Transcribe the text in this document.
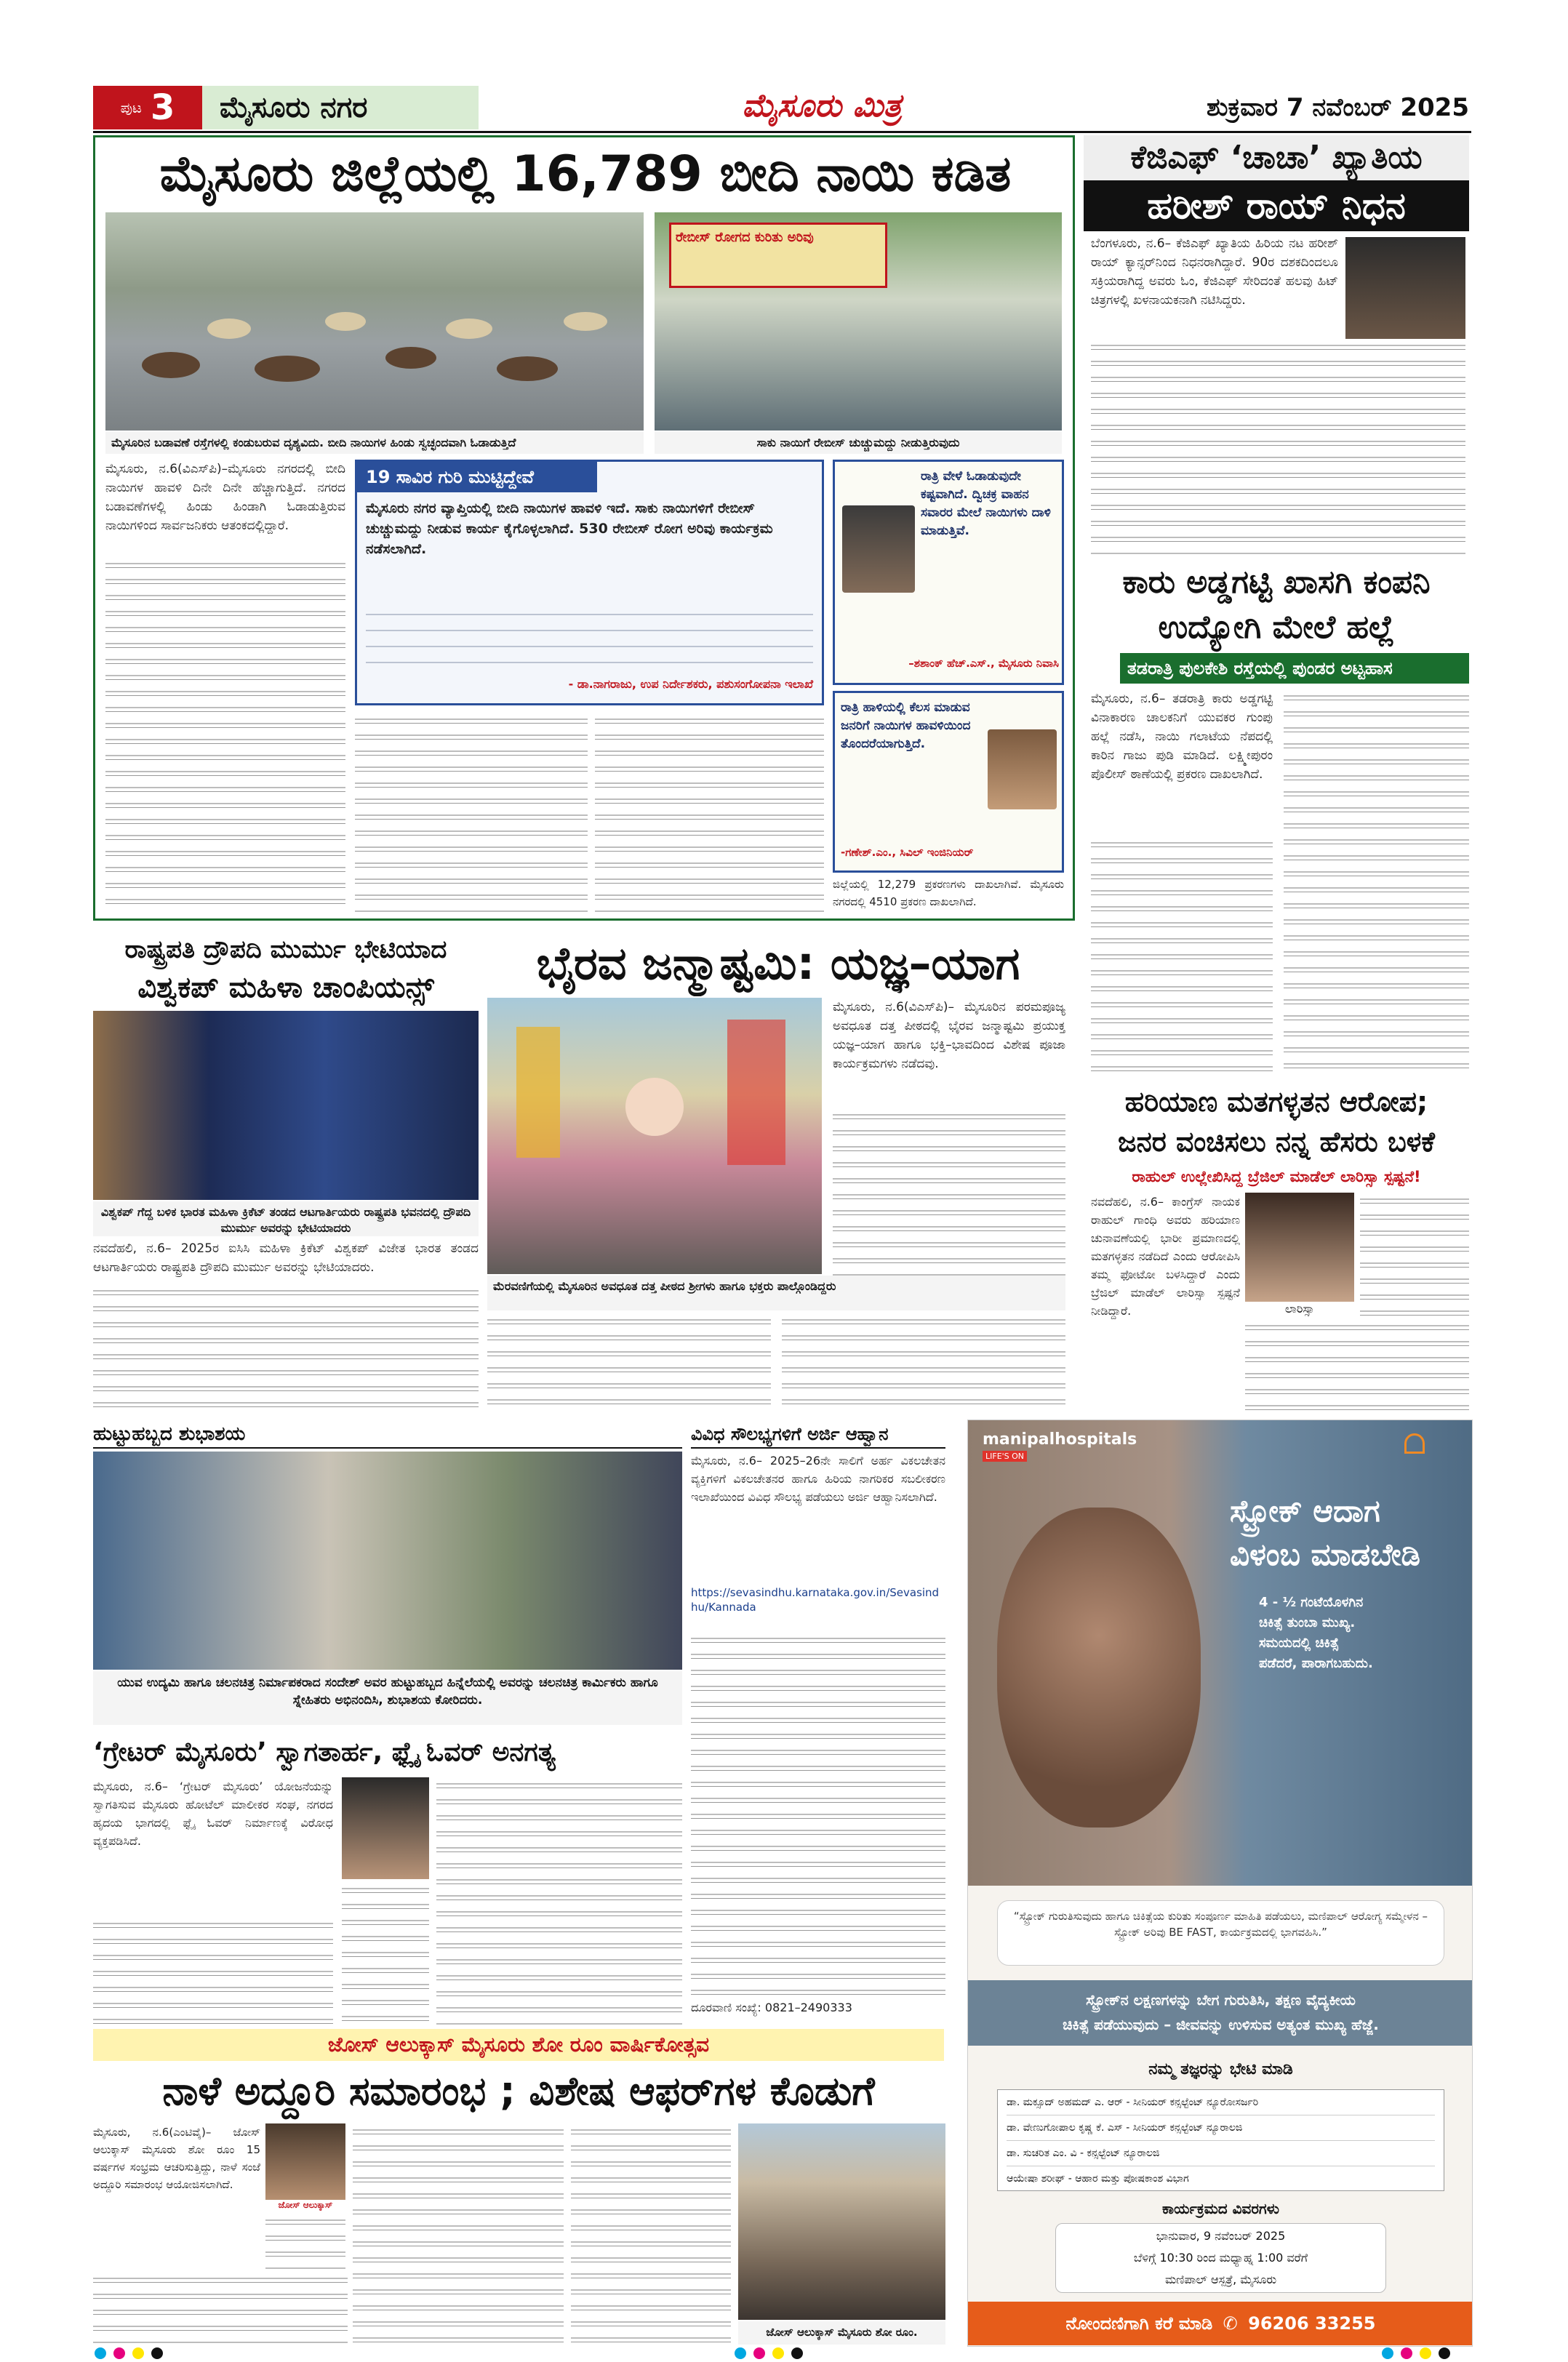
ಪುಟ 3	ಮೈಸೂರು ನಗರ	ಮೈಸೂರು ಮಿತ್ರ	ಶುಕ್ರವಾರ 7 ನವೆಂಬರ್ 2025
ಮೈಸೂರು ಜಿಲ್ಲೆಯಲ್ಲಿ 16,789 ಬೀದಿ ನಾಯಿ ಕಡಿತ
ರೇಬೀಸ್ ರೋಗದ ಕುರಿತು ಅರಿವು
ಮೈಸೂರಿನ ಬಡಾವಣೆ ರಸ್ತೆಗಳಲ್ಲಿ ಕಂಡುಬರುವ ದೃಶ್ಯವಿದು. ಬೀದಿ ನಾಯಿಗಳ ಹಿಂಡು ಸ್ವಚ್ಛಂದವಾಗಿ ಓಡಾಡುತ್ತಿದೆ	ಸಾಕು ನಾಯಿಗೆ ರೇಬೀಸ್ ಚುಚ್ಚುಮದ್ದು ನೀಡುತ್ತಿರುವುದು
ಮೈಸೂರು, ನ.6(ವಿಎಸ್‌ಪಿ)–ಮೈಸೂರು ನಗರದಲ್ಲಿ ಬೀದಿ ನಾಯಿಗಳ ಹಾವಳಿ ದಿನೇ ದಿನೇ ಹೆಚ್ಚಾಗುತ್ತಿದೆ. ನಗರದ ಬಡಾವಣೆಗಳಲ್ಲಿ ಹಿಂಡು ಹಿಂಡಾಗಿ ಓಡಾಡುತ್ತಿರುವ ನಾಯಿಗಳಿಂದ ಸಾರ್ವಜನಿಕರು ಆತಂಕದಲ್ಲಿದ್ದಾರೆ.
19 ಸಾವಿರ ಗುರಿ ಮುಟ್ಟಿದ್ದೇವೆ
ಮೈಸೂರು ನಗರ ವ್ಯಾಪ್ತಿಯಲ್ಲಿ ಬೀದಿ ನಾಯಿಗಳ ಹಾವಳಿ ಇದೆ. ಸಾಕು ನಾಯಿಗಳಿಗೆ ರೇಬೀಸ್ ಚುಚ್ಚುಮದ್ದು ನೀಡುವ ಕಾರ್ಯ ಕೈಗೊಳ್ಳಲಾಗಿದೆ. 530 ರೇಬೀಸ್ ರೋಗ ಅರಿವು ಕಾರ್ಯಕ್ರಮ ನಡೆಸಲಾಗಿದೆ.
- ಡಾ.ನಾಗರಾಜು, ಉಪ ನಿರ್ದೇಶಕರು, ಪಶುಸಂಗೋಪನಾ ಇಲಾಖೆ
ರಾತ್ರಿ ವೇಳೆ ಓಡಾಡುವುದೇ ಕಷ್ಟವಾಗಿದೆ. ದ್ವಿಚಕ್ರ ವಾಹನ ಸವಾರರ ಮೇಲೆ ನಾಯಿಗಳು ದಾಳಿ ಮಾಡುತ್ತಿವೆ.
–ಶಶಾಂಕ್ ಹೆಚ್.ಎಸ್., ಮೈಸೂರು ನಿವಾಸಿ
ರಾತ್ರಿ ಹಾಳಿಯಲ್ಲಿ ಕೆಲಸ ಮಾಡುವ ಜನರಿಗೆ ನಾಯಿಗಳ ಹಾವಳಿಯಿಂದ ತೊಂದರೆಯಾಗುತ್ತಿದೆ.
-ಗಣೇಶ್.ಎಂ., ಸಿವಿಲ್ ಇಂಜಿನಿಯರ್
ಜಿಲ್ಲೆಯಲ್ಲಿ 12,279 ಪ್ರಕರಣಗಳು ದಾಖಲಾಗಿವೆ. ಮೈಸೂರು ನಗರದಲ್ಲಿ 4510 ಪ್ರಕರಣ ದಾಖಲಾಗಿದೆ.
ಕೆಜಿಎಫ್ ‘ಚಾಚಾ’ ಖ್ಯಾತಿಯ
ಹರೀಶ್ ರಾಯ್ ನಿಧನ
ಬೆಂಗಳೂರು, ನ.6– ಕೆಜಿಎಫ್ ಖ್ಯಾತಿಯ ಹಿರಿಯ ನಟ ಹರೀಶ್ ರಾಯ್ ಕ್ಯಾನ್ಸರ್‌ನಿಂದ ನಿಧನರಾಗಿದ್ದಾರೆ. 90ರ ದಶಕದಿಂದಲೂ ಸಕ್ರಿಯರಾಗಿದ್ದ ಅವರು ಓಂ, ಕೆಜಿಎಫ್ ಸೇರಿದಂತೆ ಹಲವು ಹಿಟ್ ಚಿತ್ರಗಳಲ್ಲಿ ಖಳನಾಯಕನಾಗಿ ನಟಿಸಿದ್ದರು.
ಕಾರು ಅಡ್ಡಗಟ್ಟಿ ಖಾಸಗಿ ಕಂಪನಿ ಉದ್ಯೋಗಿ ಮೇಲೆ ಹಲ್ಲೆ
ತಡರಾತ್ರಿ ಪುಲಕೇಶಿ ರಸ್ತೆಯಲ್ಲಿ ಪುಂಡರ ಅಟ್ಟಹಾಸ
ಮೈಸೂರು, ನ.6– ತಡರಾತ್ರಿ ಕಾರು ಅಡ್ಡಗಟ್ಟಿ ವಿನಾಕಾರಣ ಚಾಲಕನಿಗೆ ಯುವಕರ ಗುಂಪು ಹಲ್ಲೆ ನಡೆಸಿ, ನಾಯಿ ಗಲಾಟೆಯ ನೆಪದಲ್ಲಿ ಕಾರಿನ ಗಾಜು ಪುಡಿ ಮಾಡಿದೆ. ಲಕ್ಷ್ಮೀಪುರಂ ಪೊಲೀಸ್ ಠಾಣೆಯಲ್ಲಿ ಪ್ರಕರಣ ದಾಖಲಾಗಿದೆ.
ರಾಷ್ಟ್ರಪತಿ ದ್ರೌಪದಿ ಮುರ್ಮು ಭೇಟಿಯಾದ
ವಿಶ್ವಕಪ್ ಮಹಿಳಾ ಚಾಂಪಿಯನ್ಸ್
ವಿಶ್ವಕಪ್ ಗೆದ್ದ ಬಳಿಕ ಭಾರತ ಮಹಿಳಾ ಕ್ರಿಕೆಟ್ ತಂಡದ ಆಟಗಾರ್ತಿಯರು ರಾಷ್ಟ್ರಪತಿ ಭವನದಲ್ಲಿ ದ್ರೌಪದಿ ಮುರ್ಮು ಅವರನ್ನು ಭೇಟಿಯಾದರು
ನವದೆಹಲಿ, ನ.6– 2025ರ ಐಸಿಸಿ ಮಹಿಳಾ ಕ್ರಿಕೆಟ್ ವಿಶ್ವಕಪ್ ವಿಜೇತ ಭಾರತ ತಂಡದ ಆಟಗಾರ್ತಿಯರು ರಾಷ್ಟ್ರಪತಿ ದ್ರೌಪದಿ ಮುರ್ಮು ಅವರನ್ನು ಭೇಟಿಯಾದರು.
ಭೈರವ ಜನ್ಮಾಷ್ಟಮಿ: ಯಜ್ಞ–ಯಾಗ
ಮೈಸೂರು, ನ.6(ವಿಎಸ್‌ಪಿ)– ಮೈಸೂರಿನ ಪರಮಪೂಜ್ಯ ಅವಧೂತ ದತ್ತ ಪೀಠದಲ್ಲಿ ಭೈರವ ಜನ್ಮಾಷ್ಟಮಿ ಪ್ರಯುಕ್ತ ಯಜ್ಞ–ಯಾಗ ಹಾಗೂ ಭಕ್ತಿ–ಭಾವದಿಂದ ವಿಶೇಷ ಪೂಜಾ ಕಾರ್ಯಕ್ರಮಗಳು ನಡೆದವು.
ಮೆರವಣಿಗೆಯಲ್ಲಿ ಮೈಸೂರಿನ ಅವಧೂತ ದತ್ತ ಪೀಠದ ಶ್ರೀಗಳು ಹಾಗೂ ಭಕ್ತರು ಪಾಲ್ಗೊಂಡಿದ್ದರು
ಹರಿಯಾಣ ಮತಗಳ್ಳತನ ಆರೋಪ;
ಜನರ ವಂಚಿಸಲು ನನ್ನ ಹೆಸರು ಬಳಕೆ
ರಾಹುಲ್ ಉಲ್ಲೇಖಿಸಿದ್ದ ಬ್ರೆಜಿಲ್ ಮಾಡೆಲ್ ಲಾರಿಸ್ಸಾ ಸ್ಪಷ್ಟನೆ!
ನವದೆಹಲಿ, ನ.6– ಕಾಂಗ್ರೆಸ್ ನಾಯಕ ರಾಹುಲ್ ಗಾಂಧಿ ಅವರು ಹರಿಯಾಣ ಚುನಾವಣೆಯಲ್ಲಿ ಭಾರೀ ಪ್ರಮಾಣದಲ್ಲಿ ಮತಗಳ್ಳತನ ನಡೆದಿದೆ ಎಂದು ಆರೋಪಿಸಿ ತಮ್ಮ ಫೋಟೋ ಬಳಸಿದ್ದಾರೆ ಎಂದು ಬ್ರೆಜಿಲ್ ಮಾಡೆಲ್ ಲಾರಿಸ್ಸಾ ಸ್ಪಷ್ಟನೆ ನೀಡಿದ್ದಾರೆ.	ಲಾರಿಸ್ಸಾ
ಹುಟ್ಟುಹಬ್ಬದ ಶುಭಾಶಯ
ಯುವ ಉದ್ಯಮಿ ಹಾಗೂ ಚಲನಚಿತ್ರ ನಿರ್ಮಾಪಕರಾದ ಸಂದೇಶ್ ಅವರ ಹುಟ್ಟುಹಬ್ಬದ ಹಿನ್ನೆಲೆಯಲ್ಲಿ ಅವರನ್ನು ಚಲನಚಿತ್ರ ಕಾರ್ಮಿಕರು ಹಾಗೂ ಸ್ನೇಹಿತರು ಅಭಿನಂದಿಸಿ, ಶುಭಾಶಯ ಕೋರಿದರು.
ವಿವಿಧ ಸೌಲಭ್ಯಗಳಿಗೆ ಅರ್ಜಿ ಆಹ್ವಾನ
ಮೈಸೂರು, ನ.6– 2025–26ನೇ ಸಾಲಿಗೆ ಅರ್ಹ ವಿಕಲಚೇತನ ವ್ಯಕ್ತಿಗಳಿಗೆ ವಿಕಲಚೇತನರ ಹಾಗೂ ಹಿರಿಯ ನಾಗರಿಕರ ಸಬಲೀಕರಣ ಇಲಾಖೆಯಿಂದ ವಿವಿಧ ಸೌಲಭ್ಯ ಪಡೆಯಲು ಅರ್ಜಿ ಆಹ್ವಾನಿಸಲಾಗಿದೆ.
https://sevasindhu.karnataka.gov.in/Sevasindhu/Kannada
ದೂರವಾಣಿ ಸಂಖ್ಯೆ: 0821–2490333
‘ಗ್ರೇಟರ್ ಮೈಸೂರು’ ಸ್ವಾಗತಾರ್ಹ, ಫ್ಲೈ ಓವರ್ ಅನಗತ್ಯ
ಮೈಸೂರು, ನ.6– ‘ಗ್ರೇಟರ್ ಮೈಸೂರು’ ಯೋಜನೆಯನ್ನು ಸ್ವಾಗತಿಸುವ ಮೈಸೂರು ಹೋಟೆಲ್ ಮಾಲೀಕರ ಸಂಘ, ನಗರದ ಹೃದಯ ಭಾಗದಲ್ಲಿ ಫ್ಲೈ ಓವರ್ ನಿರ್ಮಾಣಕ್ಕೆ ವಿರೋಧ ವ್ಯಕ್ತಪಡಿಸಿದೆ.
ಜೋಸ್ ಆಲುಕ್ಕಾಸ್ ಮೈಸೂರು ಶೋ ರೂಂ ವಾರ್ಷಿಕೋತ್ಸವ
ನಾಳೆ ಅದ್ದೂರಿ ಸಮಾರಂಭ ; ವಿಶೇಷ ಆಫರ್‌ಗಳ ಕೊಡುಗೆ
ಮೈಸೂರು, ನ.6(ಎಂಟಿವೈ)– ಜೋಸ್ ಆಲುಕ್ಕಾಸ್ ಮೈಸೂರು ಶೋ ರೂಂ 15 ವರ್ಷಗಳ ಸಂಭ್ರಮ ಆಚರಿಸುತ್ತಿದ್ದು, ನಾಳೆ ಸಂಜೆ ಅದ್ದೂರಿ ಸಮಾರಂಭ ಆಯೋಜಿಸಲಾಗಿದೆ.
ಜೋಸ್ ಆಲುಕ್ಕಾಸ್
ಜೋಸ್ ಆಲುಕ್ಕಾಸ್ ಮೈಸೂರು ಶೋ ರೂಂ.
manipalhospitals
LIFE'S ON
ಸ್ಟ್ರೋಕ್ ಆದಾಗ
ವಿಳಂಬ ಮಾಡಬೇಡಿ
4 - ½ ಗಂಟೆಯೊಳಗಿನ
ಚಿಕಿತ್ಸೆ ತುಂಬಾ ಮುಖ್ಯ.
ಸಮಯದಲ್ಲಿ ಚಿಕಿತ್ಸೆ
ಪಡೆದರೆ, ಪಾರಾಗಬಹುದು.
“ಸ್ಟ್ರೋಕ್ ಗುರುತಿಸುವುದು ಹಾಗೂ ಚಿಕಿತ್ಸೆಯ ಕುರಿತು ಸಂಪೂರ್ಣ ಮಾಹಿತಿ ಪಡೆಯಲು, ಮಣಿಪಾಲ್ ಆರೋಗ್ಯ ಸಮ್ಮೇಳನ – ಸ್ಟ್ರೋಕ್ ಅರಿವು BE FAST, ಕಾರ್ಯಕ್ರಮದಲ್ಲಿ ಭಾಗವಹಿಸಿ.”
ಸ್ಟ್ರೋಕ್‌ನ ಲಕ್ಷಣಗಳನ್ನು ಬೇಗ ಗುರುತಿಸಿ, ತಕ್ಷಣ ವೈದ್ಯಕೀಯ
ಚಿಕಿತ್ಸೆ ಪಡೆಯುವುದು – ಜೀವವನ್ನು ಉಳಿಸುವ ಅತ್ಯಂತ ಮುಖ್ಯ ಹೆಜ್ಜೆ.
ನಮ್ಮ ತಜ್ಞರನ್ನು ಭೇಟಿ ಮಾಡಿ
ಡಾ. ಮಕ್ಸೂದ್ ಅಹಮದ್ ಎ. ಆರ್ - ಸೀನಿಯರ್ ಕನ್ಸಲ್ಟೆಂಟ್ ನ್ಯೂರೋಸರ್ಜರಿ
ಡಾ. ವೇಣುಗೋಪಾಲ ಕೃಷ್ಣ ಕೆ. ಎಸ್ - ಸೀನಿಯರ್ ಕನ್ಸಲ್ಟೆಂಟ್ ನ್ಯೂರಾಲಜಿ
ಡಾ. ಸುಚರಿತ ಎಂ. ವಿ - ಕನ್ಸಲ್ಟೆಂಟ್ ನ್ಯೂರಾಲಜಿ
ಆಯೇಷಾ ಶರೀಫ್ - ಆಹಾರ ಮತ್ತು ಪೋಷಕಾಂಶ ವಿಭಾಗ
ಕಾರ್ಯಕ್ರಮದ ವಿವರಗಳು
ಭಾನುವಾರ, 9 ನವೆಂಬರ್ 2025
ಬೆಳಿಗ್ಗೆ 10:30 ರಿಂದ ಮಧ್ಯಾಹ್ನ 1:00 ವರೆಗೆ
ಮಣಿಪಾಲ್ ಆಸ್ಪತ್ರೆ, ಮೈಸೂರು
ನೋಂದಣಿಗಾಗಿ ಕರೆ ಮಾಡಿ ✆ 96206 33255
